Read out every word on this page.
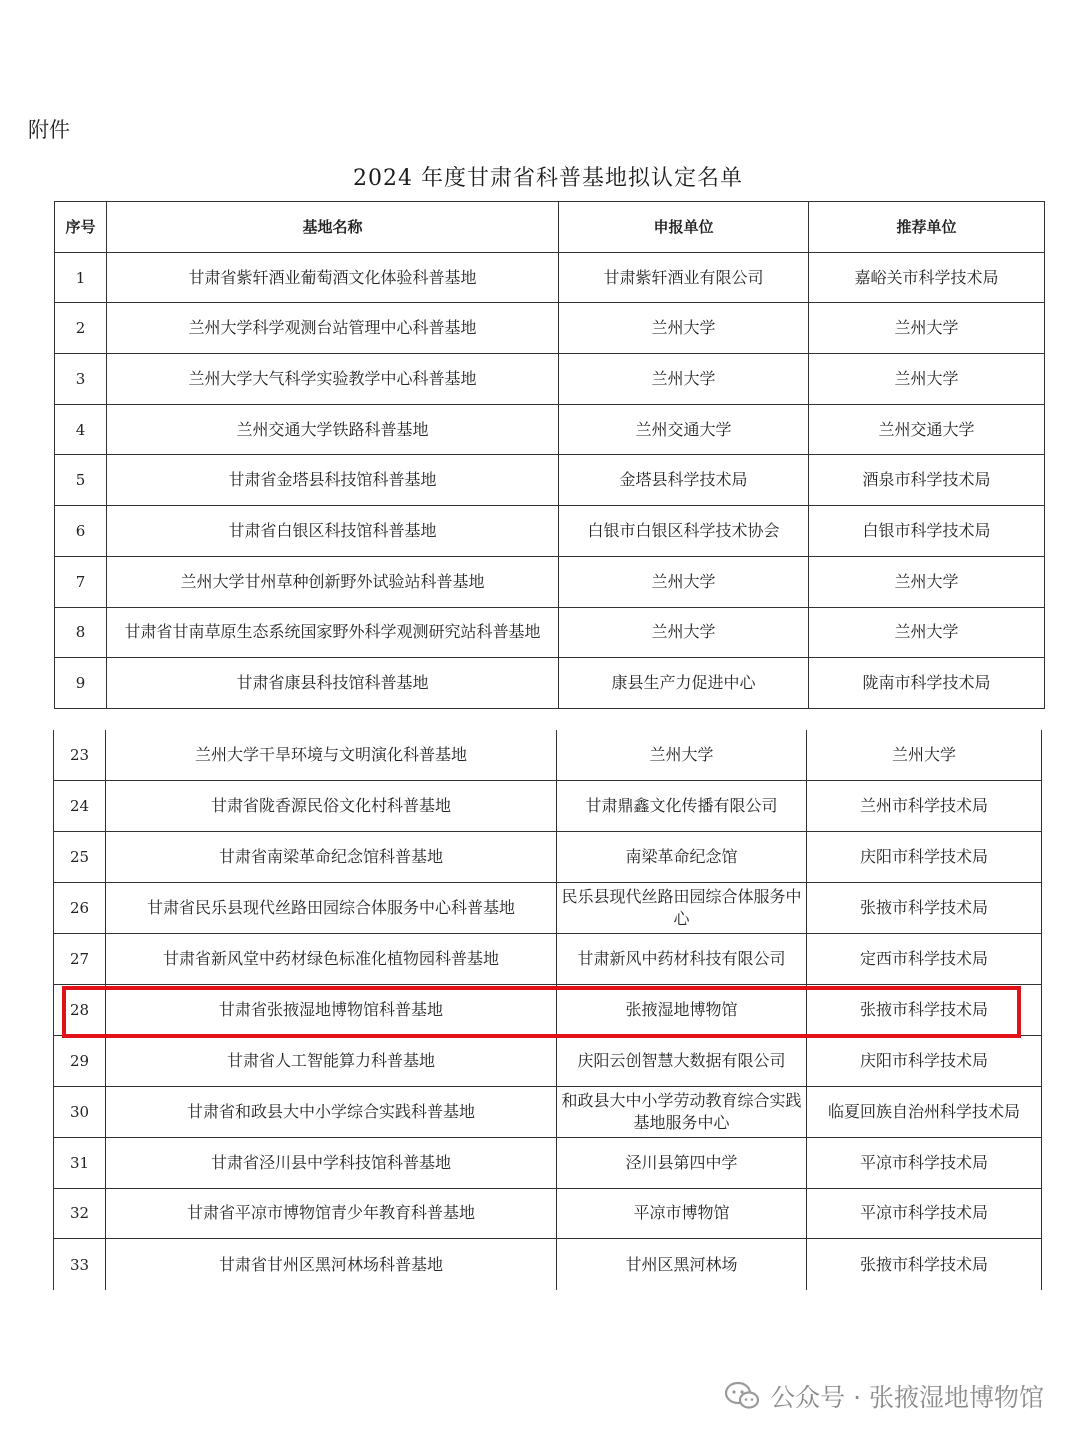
附件
2024 年度甘肃省科普基地拟认定名单
序号	基地名称	申报单位	推荐单位
1	甘肃省紫轩酒业葡萄酒文化体验科普基地	甘肃紫轩酒业有限公司	嘉峪关市科学技术局
2	兰州大学科学观测台站管理中心科普基地	兰州大学	兰州大学
3	兰州大学大气科学实验教学中心科普基地	兰州大学	兰州大学
4	兰州交通大学铁路科普基地	兰州交通大学	兰州交通大学
5	甘肃省金塔县科技馆科普基地	金塔县科学技术局	酒泉市科学技术局
6	甘肃省白银区科技馆科普基地	白银市白银区科学技术协会	白银市科学技术局
7	兰州大学甘州草种创新野外试验站科普基地	兰州大学	兰州大学
8	甘肃省甘南草原生态系统国家野外科学观测研究站科普基地	兰州大学	兰州大学
9	甘肃省康县科技馆科普基地	康县生产力促进中心	陇南市科学技术局
23	兰州大学干旱环境与文明演化科普基地	兰州大学	兰州大学
24	甘肃省陇香源民俗文化村科普基地	甘肃鼎鑫文化传播有限公司	兰州市科学技术局
25	甘肃省南梁革命纪念馆科普基地	南梁革命纪念馆	庆阳市科学技术局
26	甘肃省民乐县现代丝路田园综合体服务中心科普基地	民乐县现代丝路田园综合体服务中心	张掖市科学技术局
27	甘肃省新风堂中药材绿色标准化植物园科普基地	甘肃新风中药材科技有限公司	定西市科学技术局
28	甘肃省张掖湿地博物馆科普基地	张掖湿地博物馆	张掖市科学技术局
29	甘肃省人工智能算力科普基地	庆阳云创智慧大数据有限公司	庆阳市科学技术局
30	甘肃省和政县大中小学综合实践科普基地	和政县大中小学劳动教育综合实践基地服务中心	临夏回族自治州科学技术局
31	甘肃省泾川县中学科技馆科普基地	泾川县第四中学	平凉市科学技术局
32	甘肃省平凉市博物馆青少年教育科普基地	平凉市博物馆	平凉市科学技术局
33	甘肃省甘州区黑河林场科普基地	甘州区黑河林场	张掖市科学技术局
公众号 · 张掖湿地博物馆
